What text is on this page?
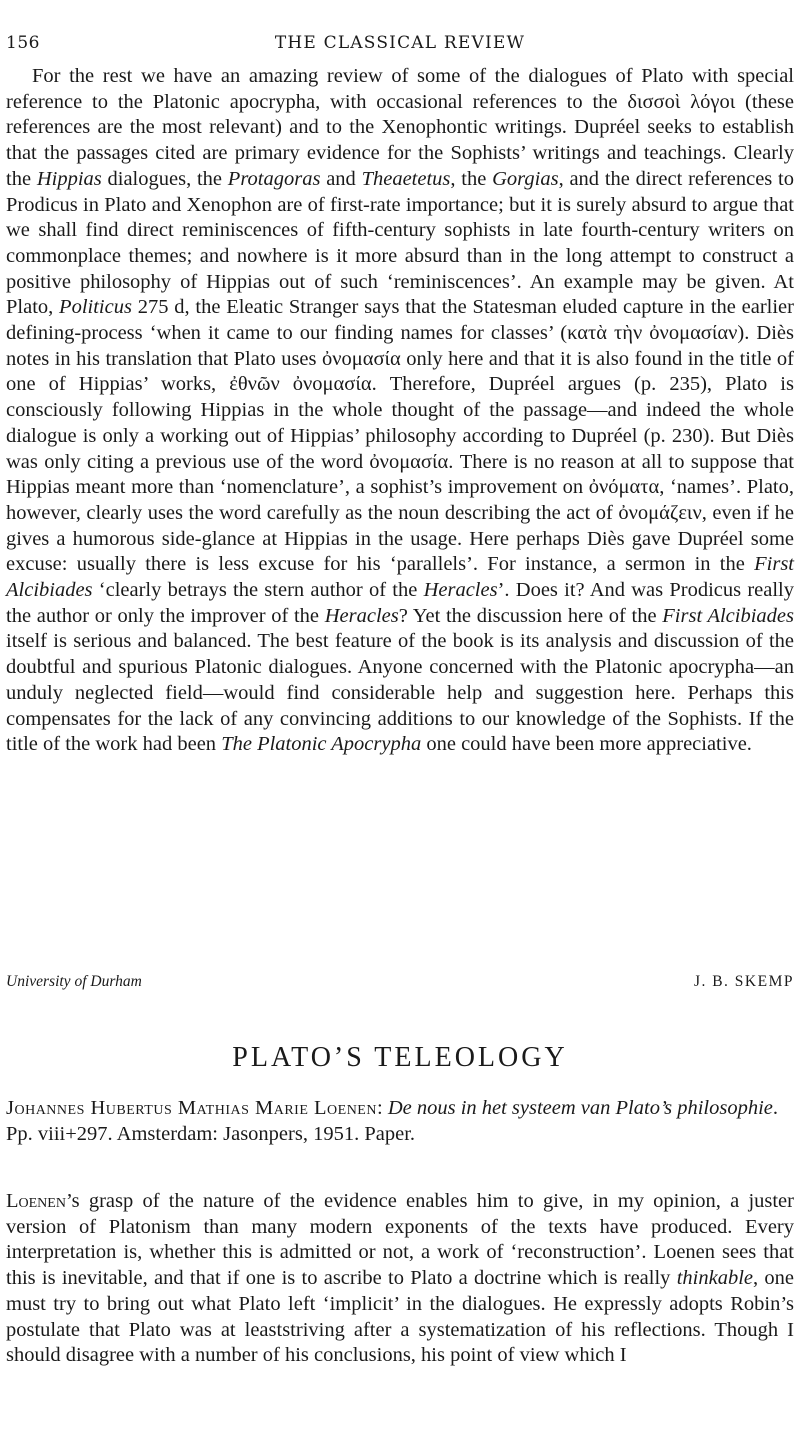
156	THE CLASSICAL REVIEW

For the rest we have an amazing review of some of the dialogues of Plato with special reference to the Platonic apocrypha, with occasional references to the δισσοὶ λόγοι (these references are the most relevant) and to the Xenophontic writings. Dupréel seeks to establish that the passages cited are primary evidence for the Sophists’ writings and teachings. Clearly the Hippias dialogues, the Protagoras and Theaetetus, the Gorgias, and the direct references to Prodicus in Plato and Xenophon are of first-rate importance; but it is surely absurd to argue that we shall find direct reminiscences of fifth-century sophists in late fourth-century writers on commonplace themes; and nowhere is it more absurd than in the long attempt to construct a positive philosophy of Hippias out of such ‘reminiscences’. An example may be given. At Plato, Politicus 275 d, the Eleatic Stranger says that the Statesman eluded capture in the earlier defining-process ‘when it came to our finding names for classes’ (κατὰ τὴν ὀνομασίαν). Diès notes in his translation that Plato uses ὀνομασία only here and that it is also found in the title of one of Hippias’ works, ἐθνῶν ὀνομασία. Therefore, Dupréel argues (p. 235), Plato is consciously following Hippias in the whole thought of the passage—and indeed the whole dialogue is only a working out of Hippias’ philosophy according to Dupréel (p. 230). But Diès was only citing a previous use of the word ὀνομασία. There is no reason at all to suppose that Hippias meant more than ‘nomenclature’, a sophist’s improvement on ὀνόματα, ‘names’. Plato, however, clearly uses the word carefully as the noun describing the act of ὀνομάζειν, even if he gives a humorous side-glance at Hippias in the usage. Here perhaps Diès gave Dupréel some excuse: usually there is less excuse for his ‘parallels’. For instance, a sermon in the First Alcibiades ‘clearly betrays the stern author of the Heracles’. Does it? And was Prodicus really the author or only the improver of the Heracles? Yet the discussion here of the First Alcibiades itself is serious and balanced. The best feature of the book is its analysis and discussion of the doubtful and spurious Platonic dialogues. Anyone concerned with the Platonic apocrypha—an unduly neglected field—would find considerable help and suggestion here. Perhaps this compensates for the lack of any convincing additions to our knowledge of the Sophists. If the title of the work had been The Platonic Apocrypha one could have been more appreciative.

University of Durham	J. B. SKEMP
PLATO’S TELEOLOGY
Johannes Hubertus Mathias Marie Loenen: De nous in het systeem van Plato’s philosophie. Pp. viii+297. Amsterdam: Jasonpers, 1951. Paper.

Loenen’s grasp of the nature of the evidence enables him to give, in my opinion, a juster version of Platonism than many modern exponents of the texts have produced. Every interpretation is, whether this is admitted or not, a work of ‘reconstruction’. Loenen sees that this is inevitable, and that if one is to ascribe to Plato a doctrine which is really thinkable, one must try to bring out what Plato left ‘implicit’ in the dialogues. He expressly adopts Robin’s postulate that Plato was at leaststriving after a systematization of his reflections. Though I should disagree with a number of his conclusions, his point of view which I
